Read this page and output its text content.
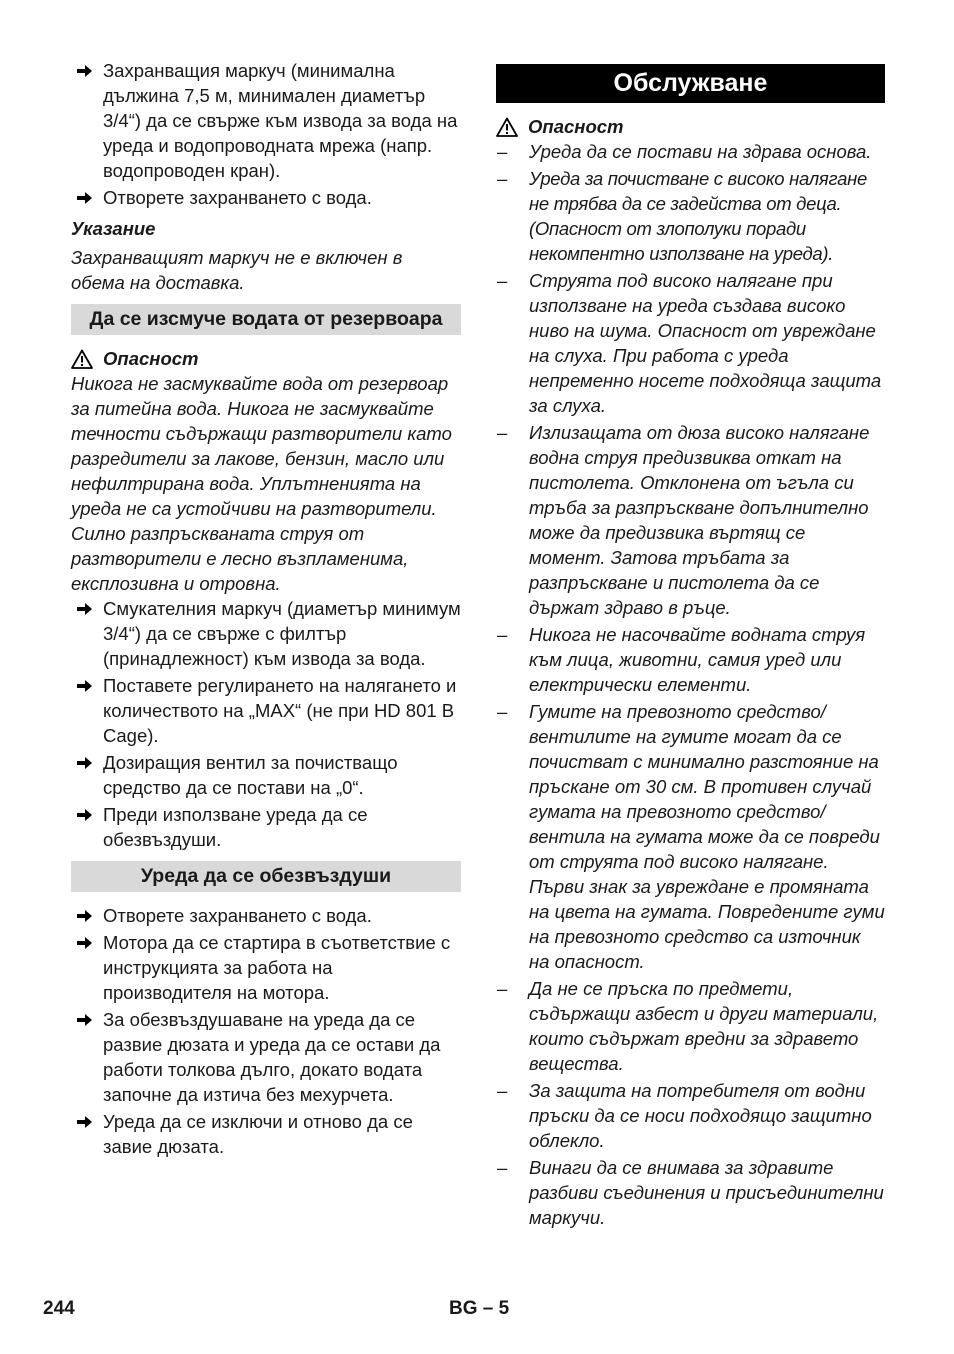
Захранващия маркуч (минимална дължина 7,5 м, минимален диаметър 3/4“) да се свържe към извода за вода на уреда и водопроводната мрежа (напр. водопроводен кран).
Отворете захранването с вода.
Указание
Захранващият маркуч не е включен в обема на доставка.
Да се изсмуче водата от резервоара
Опасност
Никога не засмуквайте вода от резервоар за питейна вода. Никога не засмуквайте течности съдържащи разтворители като разредители за лакове, бензин, масло или нефилтрирана вода. Уплътненията на уреда не са устойчиви на разтворители. Силно разпръскваната струя от разтворители е лесно възпламенима, експлозивна и отровна.
Смукателния маркуч (диаметър минимум 3/4“) да се свърже с филтър (принадлежност) към извода за вода.
Поставете регулирането на налягането и количеството на „MAX“ (не при HD 801 B Cage).
Дозиращия вентил за почистващо средство да се постави на „0“.
Преди използване уреда да се обезвъздуши.
Уреда да се обезвъздуши
Отворете захранването с вода.
Мотора да се стартира в съответствие с инструкцията за работа на производителя на мотора.
За обезвъздушаване на уреда да се развие дюзата и уреда да се остави да работи толкова дълго, докато водата започне да изтича без мехурчета.
Уреда да се изключи и отново да се завие дюзата.
Обслужване
Опасност
– Уреда да се постави на здрава основа.
– Уреда за почистване с високо налягане не трябва да се задейства от деца. (Опасност от злополуки поради некомпентно използване на уреда).
– Струята под високо налягане при използване на уреда създава високо ниво на шума. Опасност от увреждане на слуха. При работа с уреда непременно носете подходяща защита за слуха.
– Излизащата от дюза високо налягане водна струя предизвиква откат на пистолета. Отклонена от ъгъла си тръба за разпръскване допълнително може да предизвика въртящ се момент. Затова тръбата за разпръскване и пистолета да се държат здраво в ръце.
– Никога не насочвайте водната струя към лица, животни, самия уред или електрически елементи.
– Гумите на превозното средство/вентилите на гумите могат да се почистват с минимално разстояние на пръскане от 30 см. В противен случай гумата на превозното средство/вентила на гумата може да се повреди от струята под високо налягане. Първи знак за увреждане е промяната на цвета на гумата. Повредените гуми на превозното средство са източник на опасност.
– Да не се пръска по предмети, съдържащи азбест и други материали, които съдържат вредни за здравето вещества.
– За защита на потребителя от водни пръски да се носи подходящо защитно облекло.
– Винаги да се внимава за здравите разбиви съединения и присъединителни маркучи.
244	BG – 5
